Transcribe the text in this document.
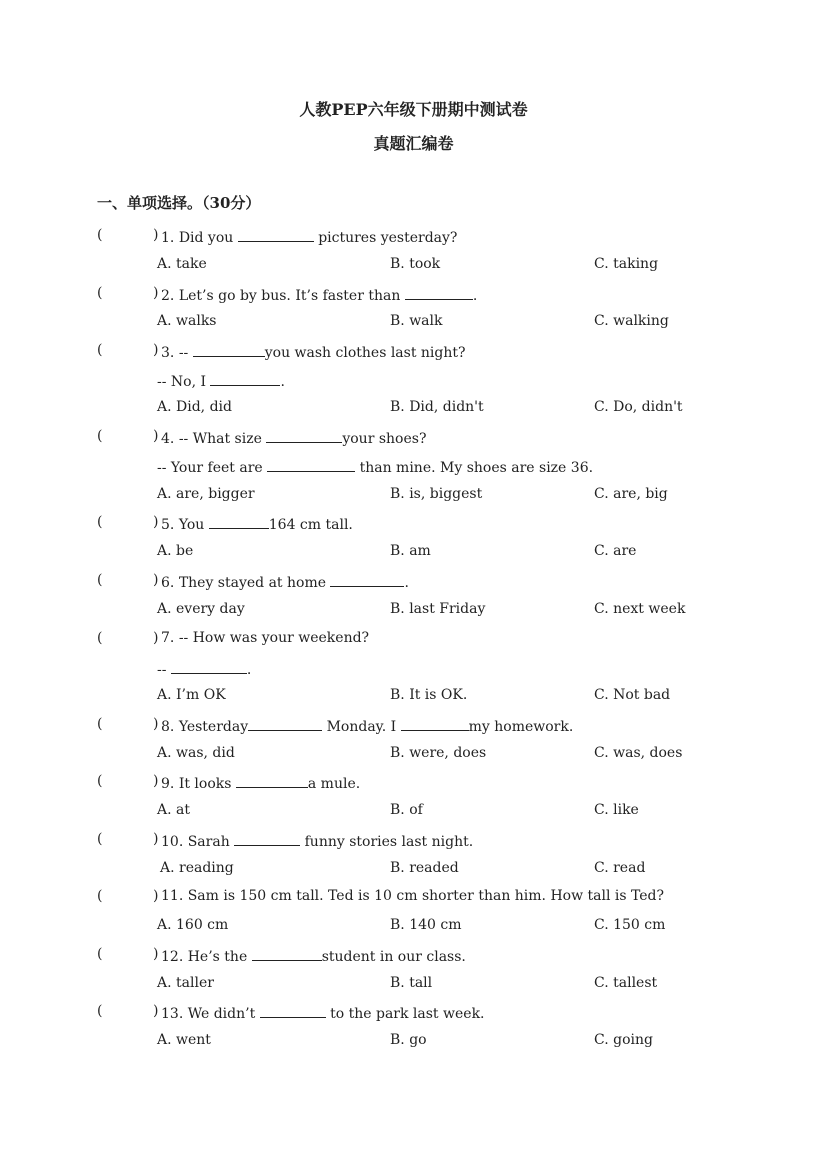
人教PEP六年级下册期中测试卷
真题汇编卷
一、单项选择。（30分）
(	) 1. Did you	pictures yesterday?
A. take	B. took	C. taking
(	) 2. Let’s go by bus. It’s faster than	.
A. walks	B. walk	C. walking
(	) 3. --	you wash clothes last night?
-- No, I	.
A. Did, did	B. Did, didn't	C. Do, didn't
(	) 4. -- What size	your shoes?
-- Your feet are	than mine. My shoes are size 36.
A. are, bigger	B. is, biggest	C. are, big
(	) 5. You	164 cm tall.
A. be	B. am	C. are
(	) 6. They stayed at home	.
A. every day	B. last Friday	C. next week
(	) 7. -- How was your weekend?
--	.
A. I’m OK	B. It is OK.	C. Not bad
(	) 8. Yesterday	Monday. I	my homework.
A. was, did	B. were, does	C. was, does
(	) 9. It looks	a mule.
A. at	B. of	C. like
(	) 10. Sarah	funny stories last night.
A. reading	B. readed	C. read
(	) 11. Sam is 150 cm tall. Ted is 10 cm shorter than him. How tall is Ted?
A. 160 cm	B. 140 cm	C. 150 cm
(	) 12. He’s the	student in our class.
A. taller	B. tall	C. tallest
(	) 13. We didn’t	to the park last week.
A. went	B. go	C. going
